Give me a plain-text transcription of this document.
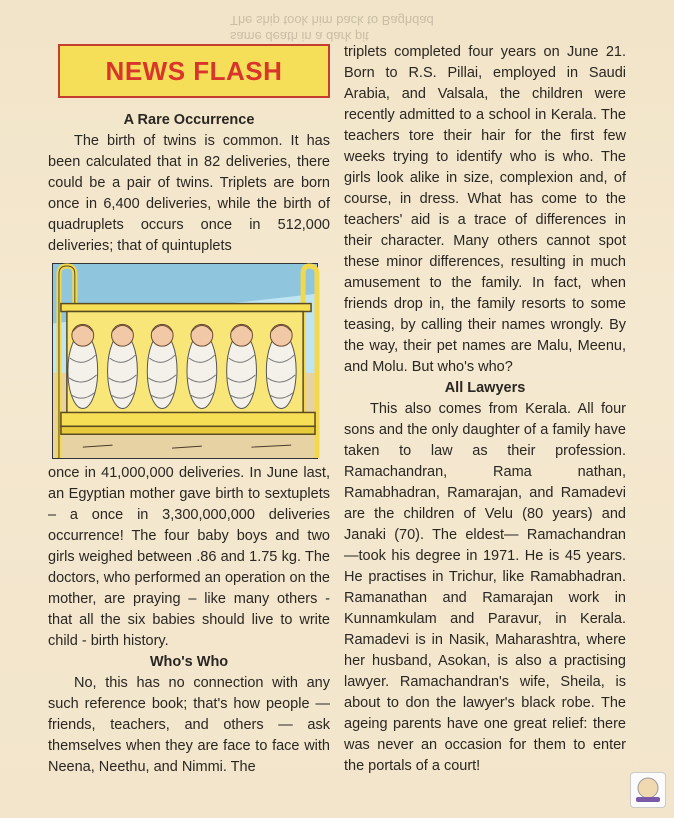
same death in a dark pit
The ship took him back to Baghdad
NEWS FLASH
A Rare Occurrence

The birth of twins is common. It has been calculated that in 82 deliveries, there could be a pair of twins. Triplets are born once in 6,400 deliveries, while the birth of quadruplets occurs once in 512,000 deliveries; that of quintuplets

once in 41,000,000 deliveries. In June last, an Egyptian mother gave birth to sextuplets – a once in 3,300,000,000 deliveries occurrence! The four baby boys and two girls weighed between .86 and 1.75 kg. The doctors, who performed an operation on the mother, are praying – like many others - that all the six babies should live to write child - birth history.

Who's Who

No, this has no connection with any such reference book; that's how people — friends, teachers, and others — ask themselves when they are face to face with Neena, Neethu, and Nimmi. The

triplets completed four years on June 21. Born to R.S. Pillai, employed in Saudi Arabia, and Valsala, the children were recently admitted to a school in Kerala. The teachers tore their hair for the first few weeks trying to identify who is who. The girls look alike in size, complexion and, of course, in dress. What has come to the teachers' aid is a trace of differences in their character. Many others cannot spot these minor differences, resulting in much amusement to the family. In fact, when friends drop in, the family resorts to some teasing, by calling their names wrongly. By the way, their pet names are Malu, Meenu, and Molu. But who's who?

All Lawyers

This also comes from Kerala. All four sons and the only daughter of a family have taken to law as their profession. Ramachandran, Rama nathan, Ramabhadran, Ramarajan, and Ramadevi are the children of Velu (80 years) and Janaki (70). The eldest— Ramachandran —took his degree in 1971. He is 45 years. He practises in Trichur, like Ramabhadran. Ramanathan and Ramarajan work in Kunnamkulam and Paravur, in Kerala. Ramadevi is in Nasik, Maharashtra, where her husband, Asokan, is also a practising lawyer. Ramachandran's wife, Sheila, is about to don the lawyer's black robe. The ageing parents have one great relief: there was never an occasion for them to enter the portals of a court!
